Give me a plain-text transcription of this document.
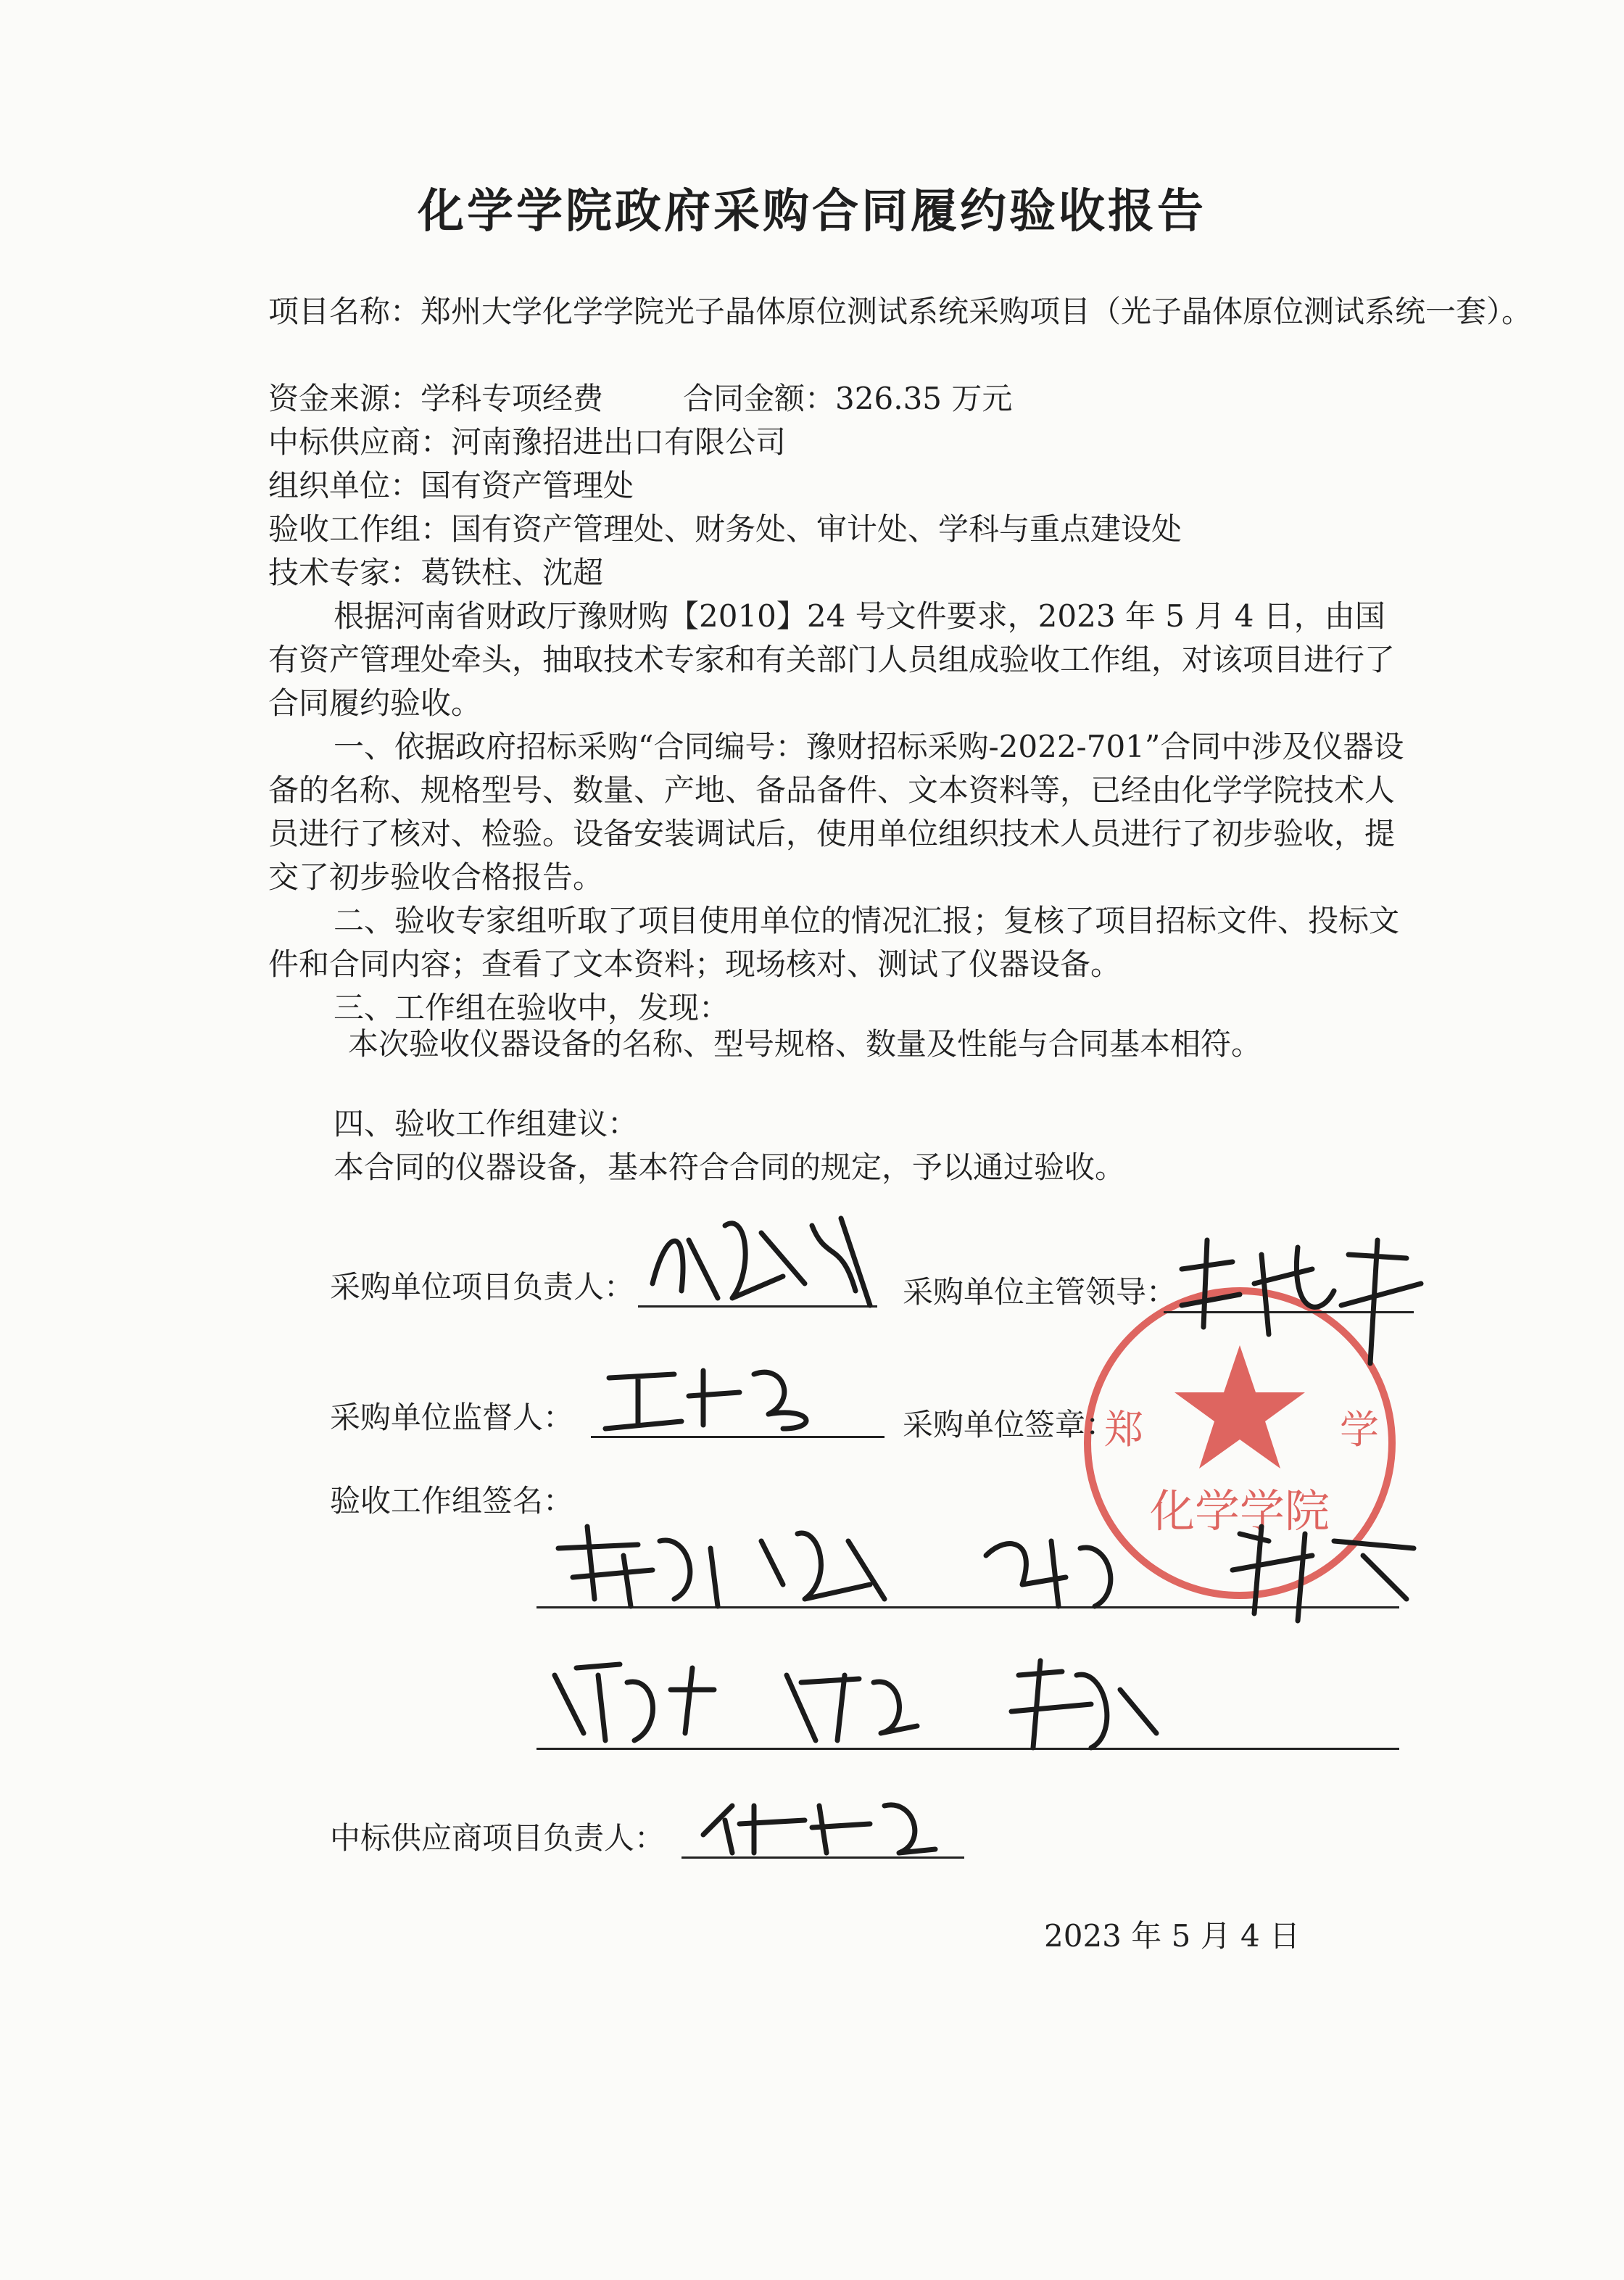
化学学院政府采购合同履约验收报告
项目名称：郑州大学化学学院光子晶体原位测试系统采购项目（光子晶体原位测试系统一套）。
资金来源：学科专项经费	合同金额：326.35 万元
中标供应商：河南豫招进出口有限公司
组织单位：国有资产管理处
验收工作组：国有资产管理处、财务处、审计处、学科与重点建设处
技术专家：葛铁柱、沈超
根据河南省财政厅豫财购【2010】24 号文件要求，2023 年 5 月 4 日，由国有资产管理处牵头，抽取技术专家和有关部门人员组成验收工作组，对该项目进行了合同履约验收。
一、依据政府招标采购“合同编号：豫财招标采购-2022-701”合同中涉及仪器设备的名称、规格型号、数量、产地、备品备件、文本资料等，已经由化学学院技术人员进行了核对、检验。设备安装调试后，使用单位组织技术人员进行了初步验收，提交了初步验收合格报告。
二、验收专家组听取了项目使用单位的情况汇报；复核了项目招标文件、投标文件和合同内容；查看了文本资料；现场核对、测试了仪器设备。
三、工作组在验收中，发现：
本次验收仪器设备的名称、型号规格、数量及性能与合同基本相符。
四、验收工作组建议：
本合同的仪器设备，基本符合合同的规定，予以通过验收。
化学学院
郑	学
采购单位项目负责人：	采购单位主管领导：
采购单位监督人：	采购单位签章：
验收工作组签名：
中标供应商项目负责人：
2023 年 5 月 4 日
